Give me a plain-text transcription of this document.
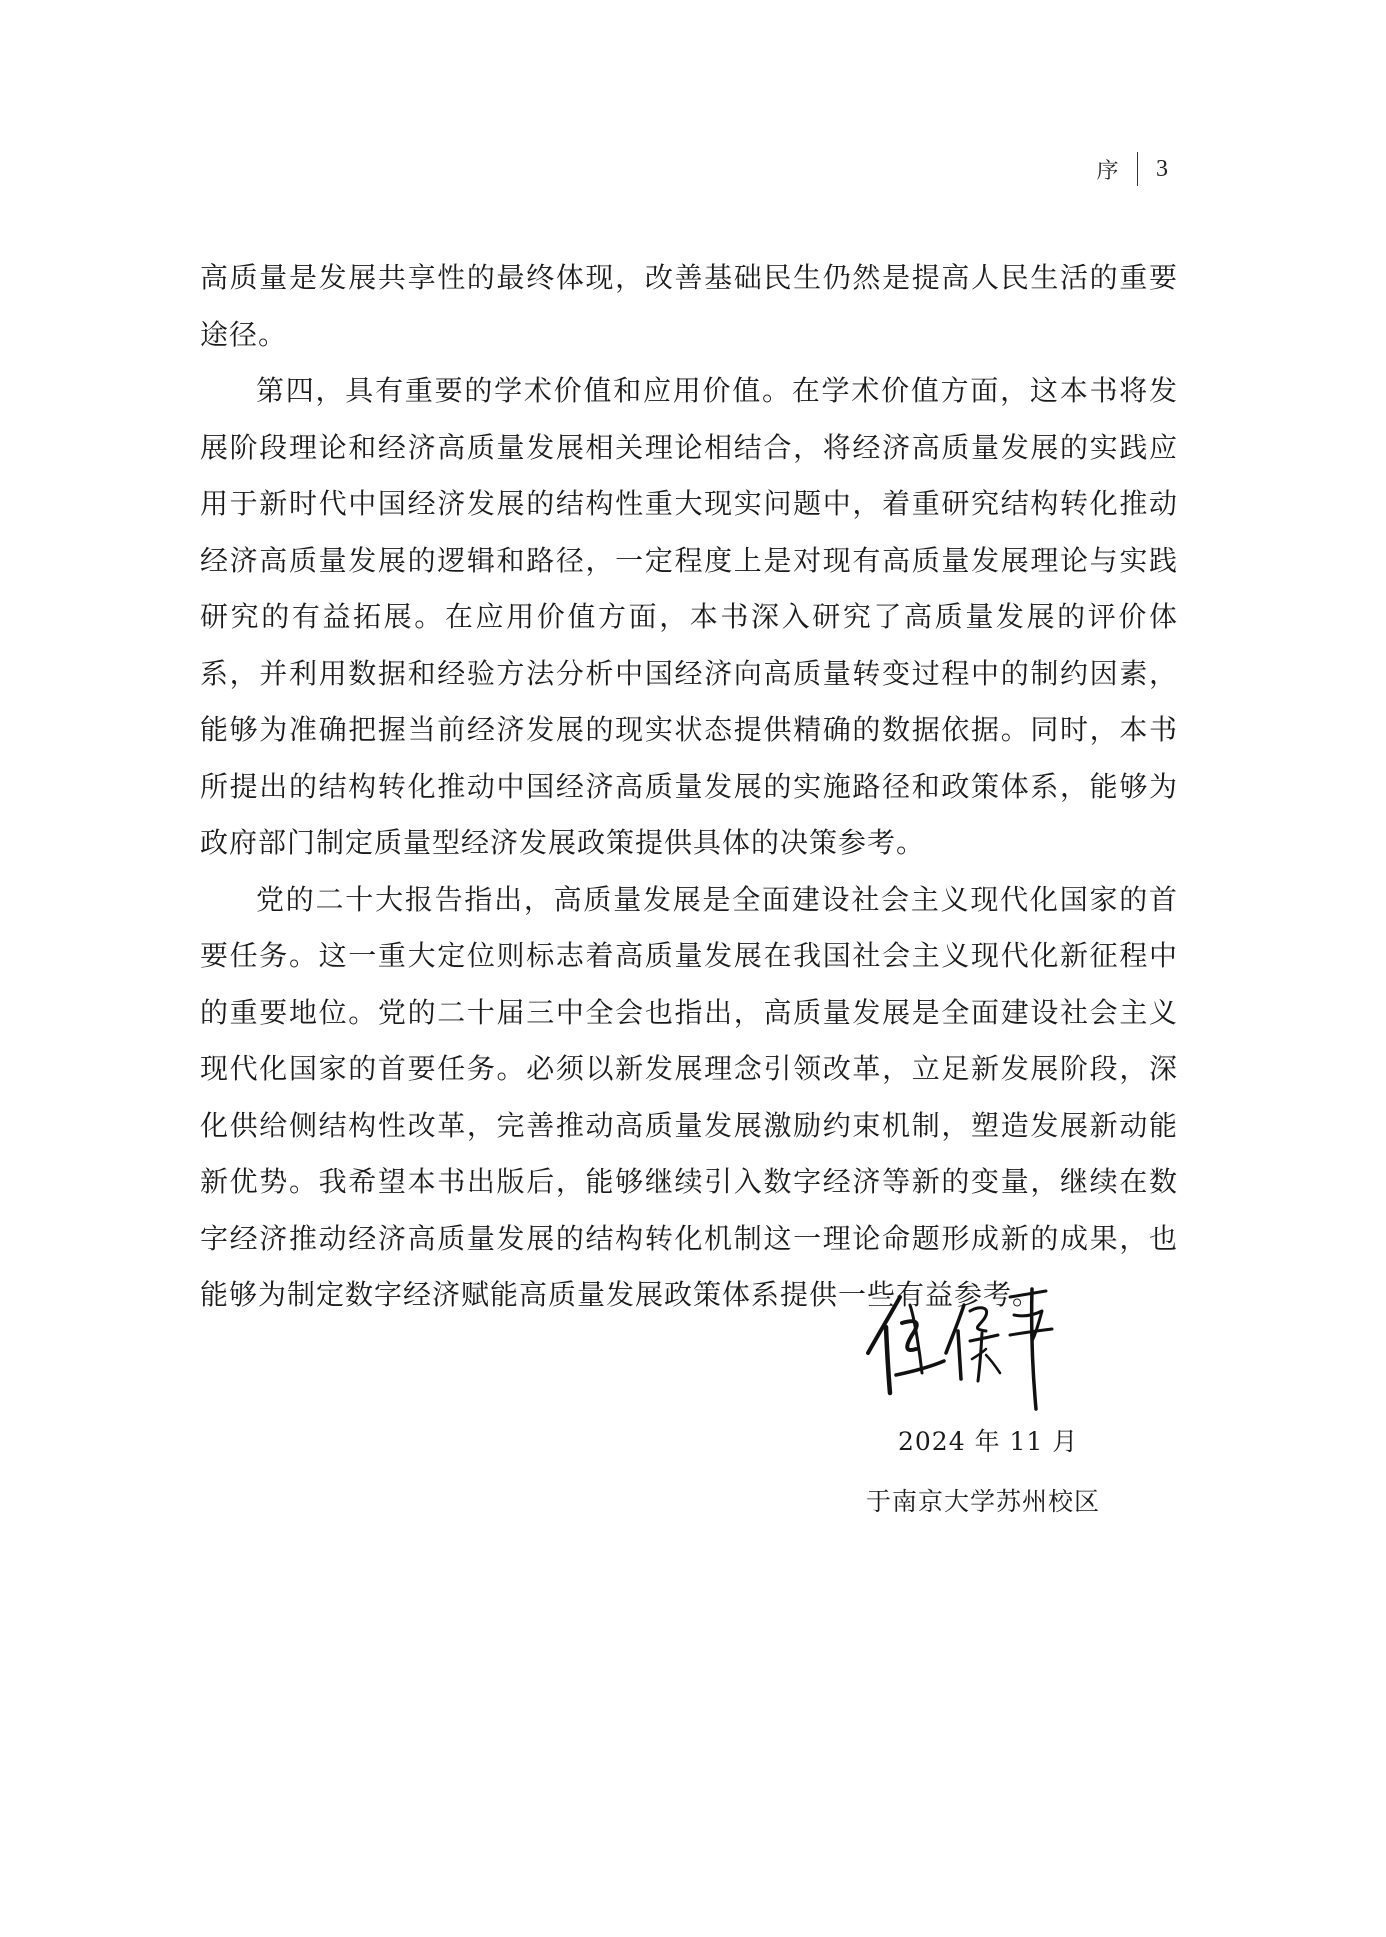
序 3

高质量是发展共享性的最终体现，改善基础民生仍然是提高人民生活的重要途径。

第四，具有重要的学术价值和应用价值。在学术价值方面，这本书将发展阶段理论和经济高质量发展相关理论相结合，将经济高质量发展的实践应用于新时代中国经济发展的结构性重大现实问题中，着重研究结构转化推动经济高质量发展的逻辑和路径，一定程度上是对现有高质量发展理论与实践研究的有益拓展。在应用价值方面，本书深入研究了高质量发展的评价体系，并利用数据和经验方法分析中国经济向高质量转变过程中的制约因素，能够为准确把握当前经济发展的现实状态提供精确的数据依据。同时，本书所提出的结构转化推动中国经济高质量发展的实施路径和政策体系，能够为政府部门制定质量型经济发展政策提供具体的决策参考。

党的二十大报告指出，高质量发展是全面建设社会主义现代化国家的首要任务。这一重大定位则标志着高质量发展在我国社会主义现代化新征程中的重要地位。党的二十届三中全会也指出，高质量发展是全面建设社会主义现代化国家的首要任务。必须以新发展理念引领改革，立足新发展阶段，深化供给侧结构性改革，完善推动高质量发展激励约束机制，塑造发展新动能新优势。我希望本书出版后，能够继续引入数字经济等新的变量，继续在数字经济推动经济高质量发展的结构转化机制这一理论命题形成新的成果，也能够为制定数字经济赋能高质量发展政策体系提供一些有益参考。

2024 年 11 月
于南京大学苏州校区
